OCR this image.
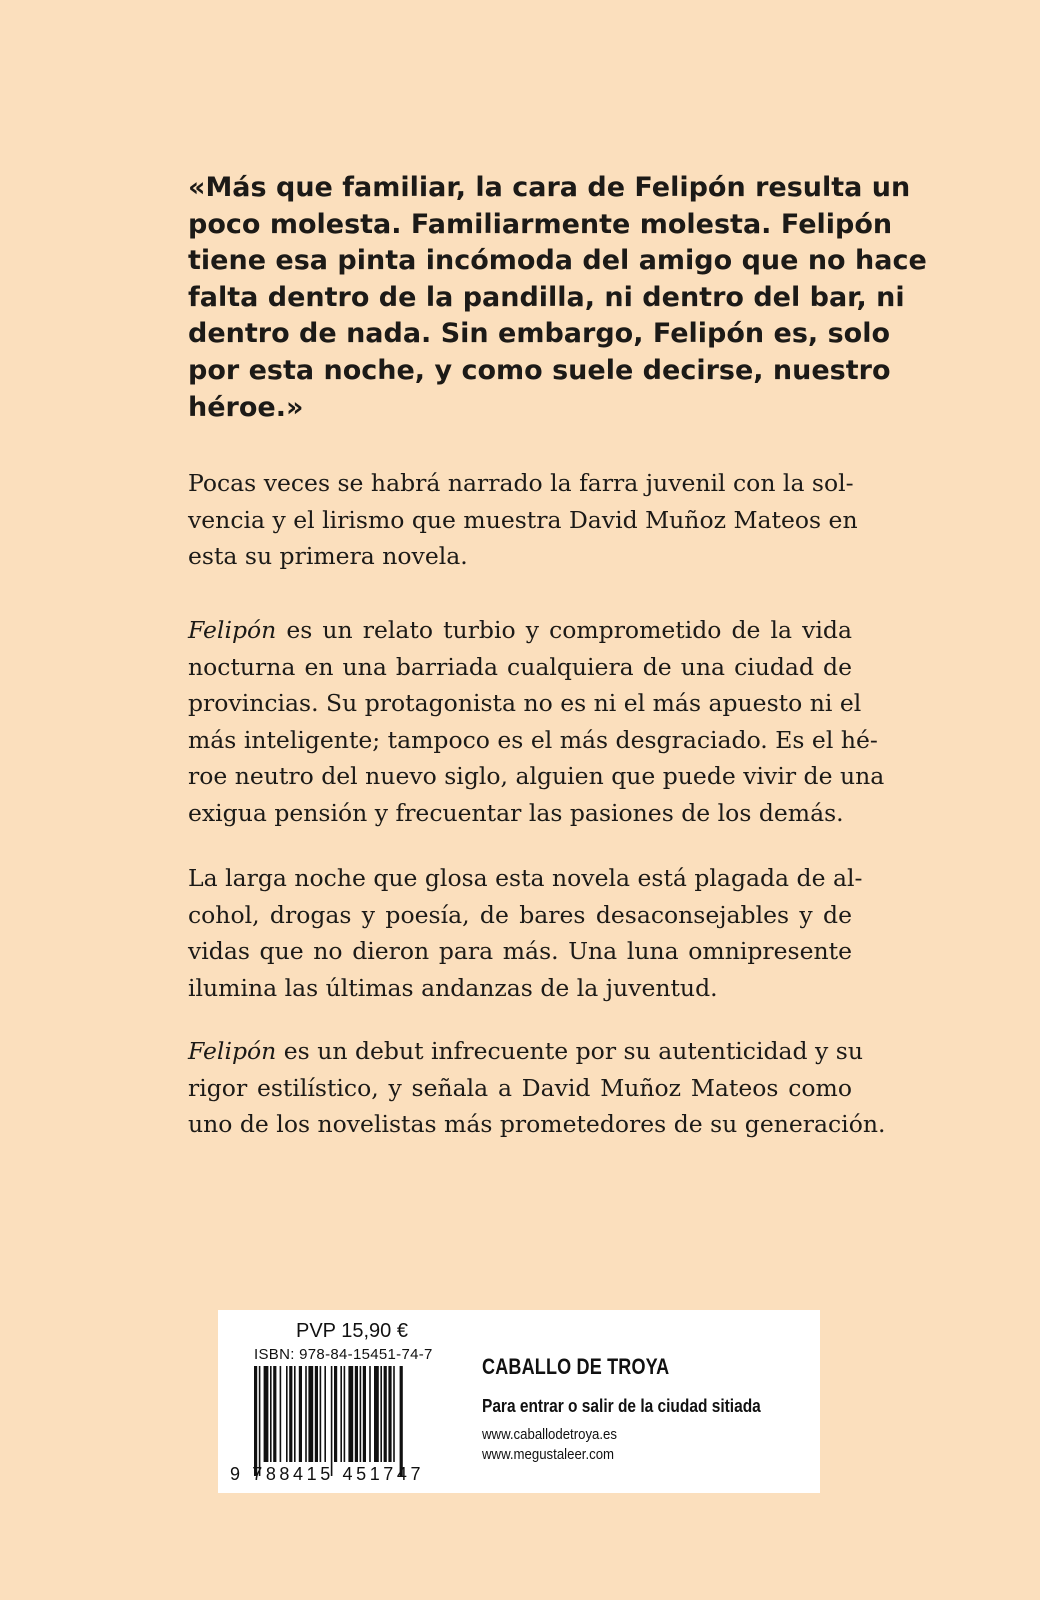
«Más que familiar, la cara de Felipón resulta un
poco molesta. Familiarmente molesta. Felipón
tiene esa pinta incómoda del amigo que no hace
falta dentro de la pandilla, ni dentro del bar, ni
dentro de nada. Sin embargo, Felipón es, solo
por esta noche, y como suele decirse, nuestro
héroe.»
Pocas veces se habrá narrado la farra juvenil con la sol-
vencia y el lirismo que muestra David Muñoz Mateos en
esta su primera novela.
Felipón es un relato turbio y comprometido de la vida
nocturna en una barriada cualquiera de una ciudad de
provincias. Su protagonista no es ni el más apuesto ni el
más inteligente; tampoco es el más desgraciado. Es el hé-
roe neutro del nuevo siglo, alguien que puede vivir de una
exigua pensión y frecuentar las pasiones de los demás.
La larga noche que glosa esta novela está plagada de al-
cohol, drogas y poesía, de bares desaconsejables y de
vidas que no dieron para más. Una luna omnipresente
ilumina las últimas andanzas de la juventud.
Felipón es un debut infrecuente por su autenticidad y su
rigor estilístico, y señala a David Muñoz Mateos como
uno de los novelistas más prometedores de su generación.
PVP 15,90 €
ISBN: 978-84-15451-74-7
9 788415 451747
CABALLO DE TROYA
Para entrar o salir de la ciudad sitiada
www.caballodetroya.es
www.megustaleer.com
